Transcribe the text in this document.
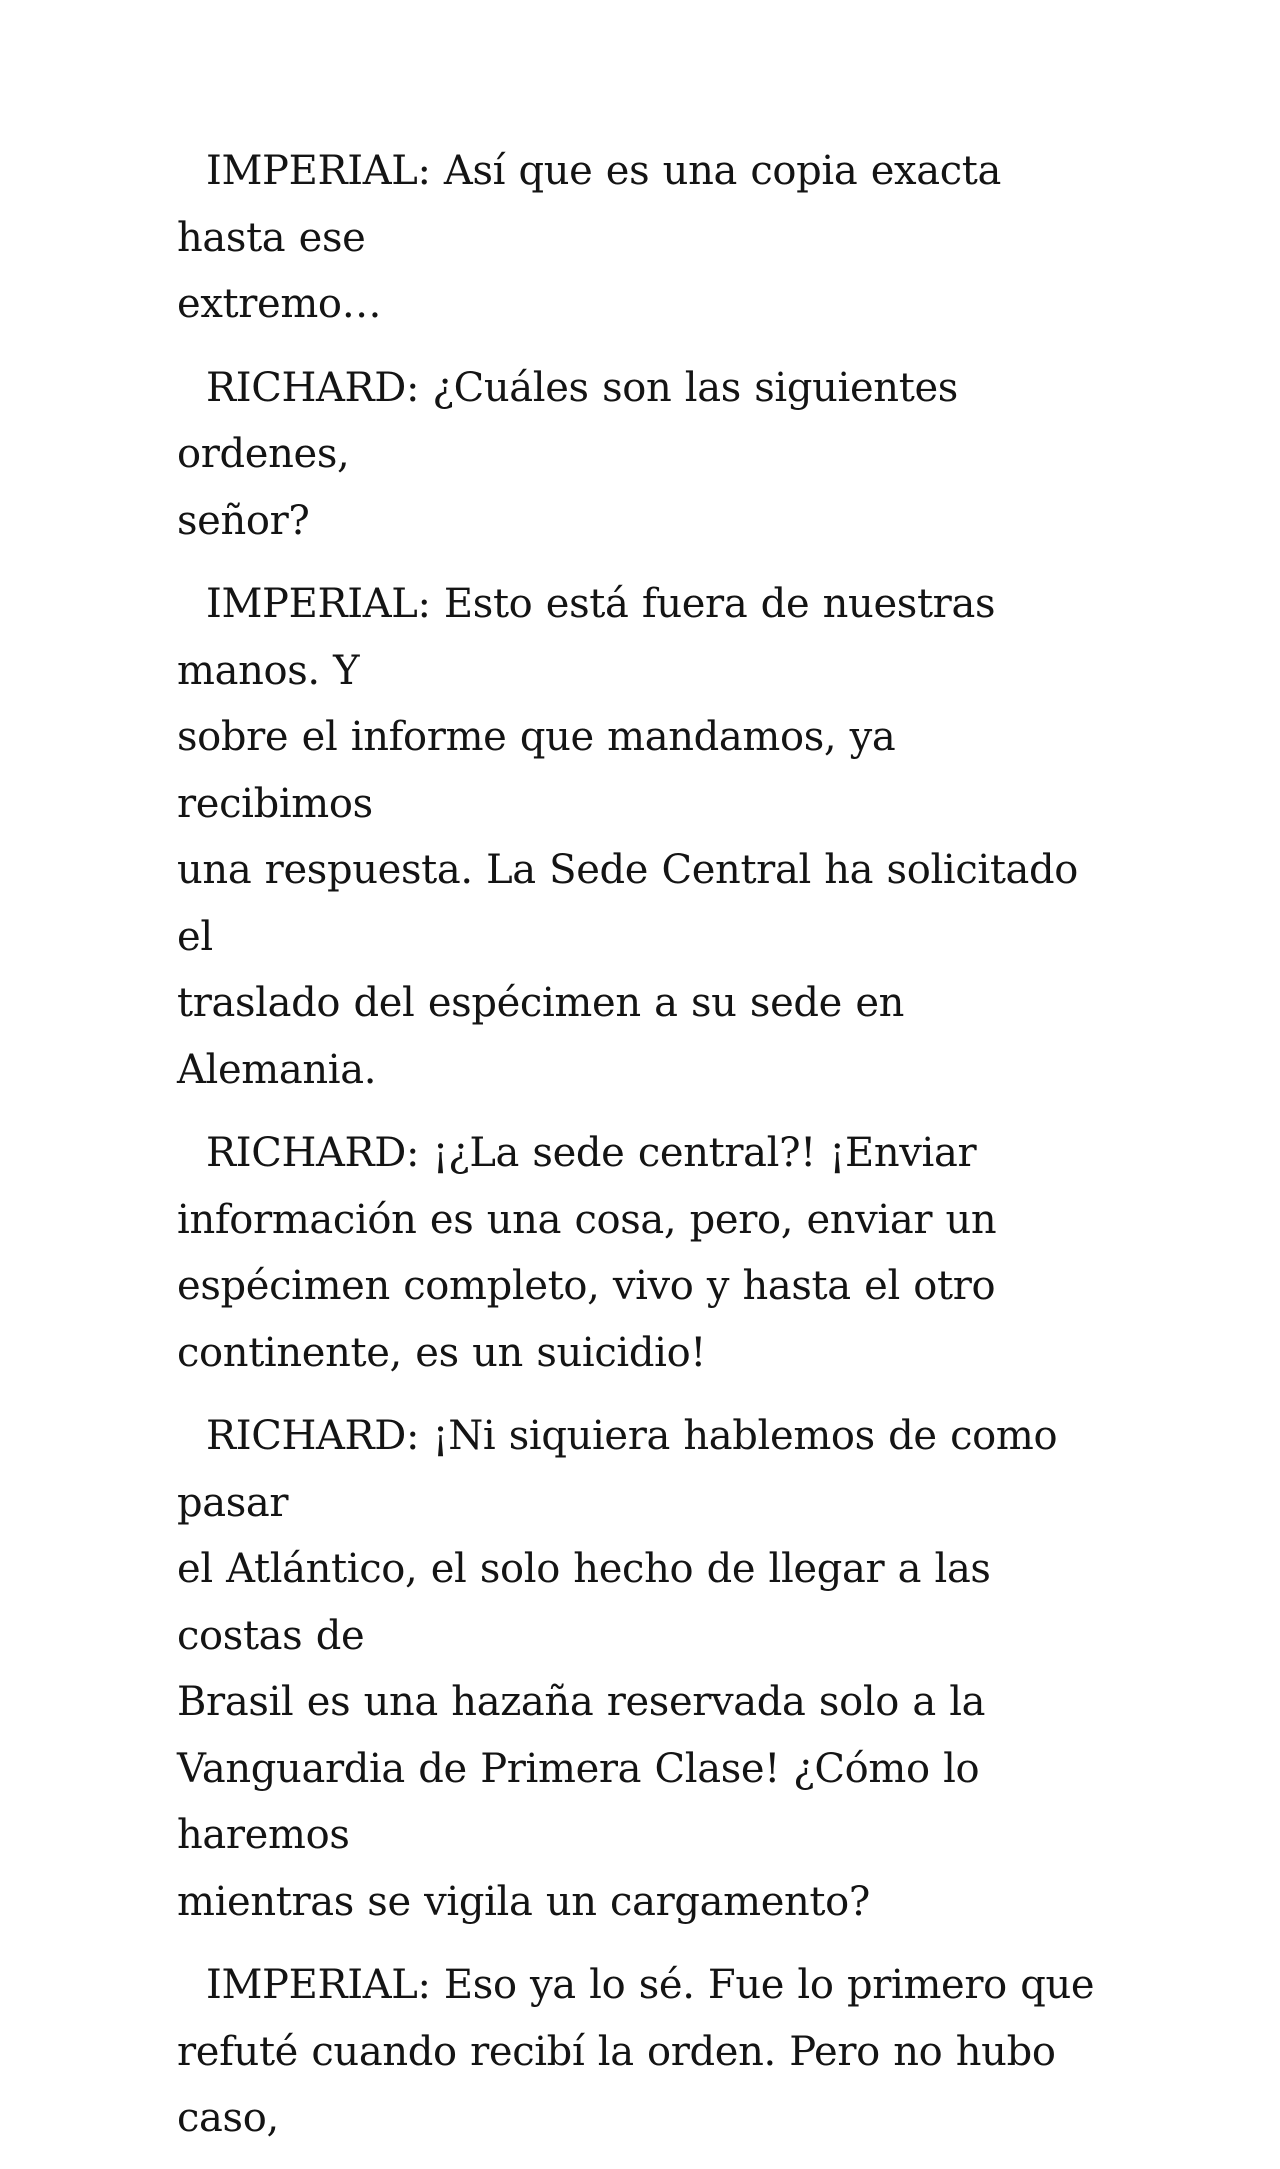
IMPERIAL: Así que es una copia exacta hasta ese
extremo…

RICHARD: ¿Cuáles son las siguientes ordenes,
señor?

IMPERIAL: Esto está fuera de nuestras manos. Y
sobre el informe que mandamos, ya recibimos
una respuesta. La Sede Central ha solicitado el
traslado del espécimen a su sede en Alemania.

RICHARD: ¡¿La sede central?! ¡Enviar
información es una cosa, pero, enviar un
espécimen completo, vivo y hasta el otro
continente, es un suicidio!

RICHARD: ¡Ni siquiera hablemos de como pasar
el Atlántico, el solo hecho de llegar a las costas de
Brasil es una hazaña reservada solo a la
Vanguardia de Primera Clase! ¿Cómo lo haremos
mientras se vigila un cargamento?

IMPERIAL: Eso ya lo sé. Fue lo primero que
refuté cuando recibí la orden. Pero no hubo caso,
